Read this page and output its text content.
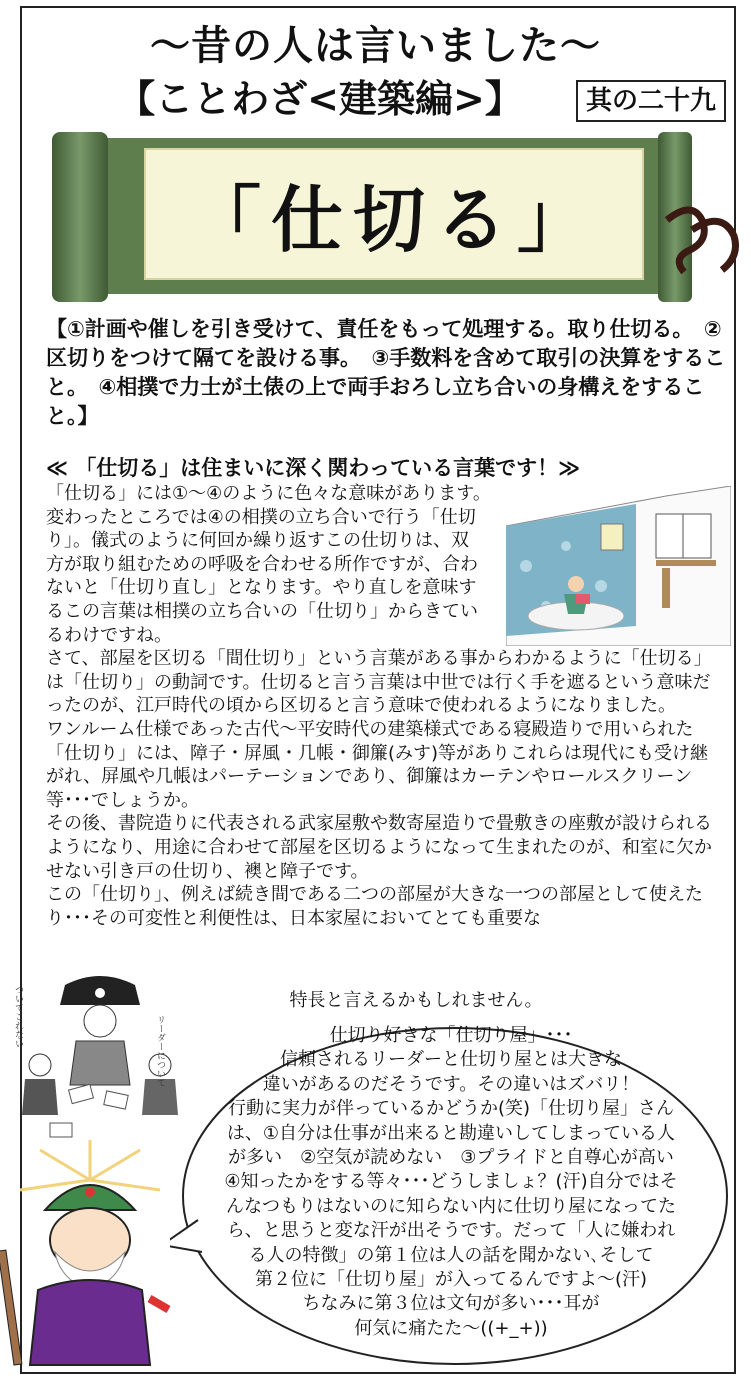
～昔の人は言いました～
【ことわざ<建築編>】	其の二十九
「仕切る」
【①計画や催しを引き受けて、責任をもって処理する。取り仕切る。　②区切りをつけて隔てを設ける事。　③手数料を含めて取引の決算をすること。　④相撲で力士が土俵の上で両手おろし立ち合いの身構えをすること。】
≪ 「仕切る」は住まいに深く関わっている言葉です！≫
「仕切る」には①～④のように色々な意味があります。
変わったところでは④の相撲の立ち合いで行う「仕切り」。儀式のように何回か繰り返すこの仕切りは、双方が取り組むための呼吸を合わせる所作ですが、合わないと「仕切り直し」となります。やり直しを意味するこの言葉は相撲の立ち合いの「仕切り」からきているわけですね。
さて、部屋を区切る「間仕切り」という言葉がある事からわかるように「仕切る」は「仕切り」の動詞です。仕切ると言う言葉は中世では行く手を遮るという意味だったのが、江戸時代の頃から区切ると言う意味で使われるようになりました。
ワンルーム仕様であった古代～平安時代の建築様式である寝殿造りで用いられた「仕切り」には、障子・屏風・几帳・御簾(みす)等がありこれらは現代にも受け継がれ、屏風や几帳はパーテーションであり、御簾はカーテンやロールスクリーン等･･･でしょうか。
その後、書院造りに代表される武家屋敷や数寄屋造りで畳敷きの座敷が設けられるようになり、用途に合わせて部屋を区切るようになって生まれたのが、和室に欠かせない引き戸の仕切り、襖と障子です。
この「仕切り」、例えば続き間である二つの部屋が大きな一つの部屋として使えたり･･･その可変性と利便性は、日本家屋においてとても重要な
特長と言えるかもしれません。
リーダーについて
ついてこれない	仕切り好きな「仕切り屋」･･･
信頼されるリーダーと仕切り屋とは大きな
違いがあるのだそうです。その違いはズバリ！
行動に実力が伴っているかどうか(笑)「仕切り屋」さん
は、①自分は仕事が出来ると勘違いしてしまっている人
が多い　②空気が読めない　③プライドと自尊心が高い
④知ったかをする等々･･･どうしましょ？(汗)自分ではそ
んなつもりはないのに知らない内に仕切り屋になってた
ら、と思うと変な汗が出そうです。だって「人に嫌われ
る人の特徴」の第１位は人の話を聞かない､そして
第２位に「仕切り屋」が入ってるんですよ～(汗)
ちなみに第３位は文句が多い･･･耳が
何気に痛たた～((+_+))
